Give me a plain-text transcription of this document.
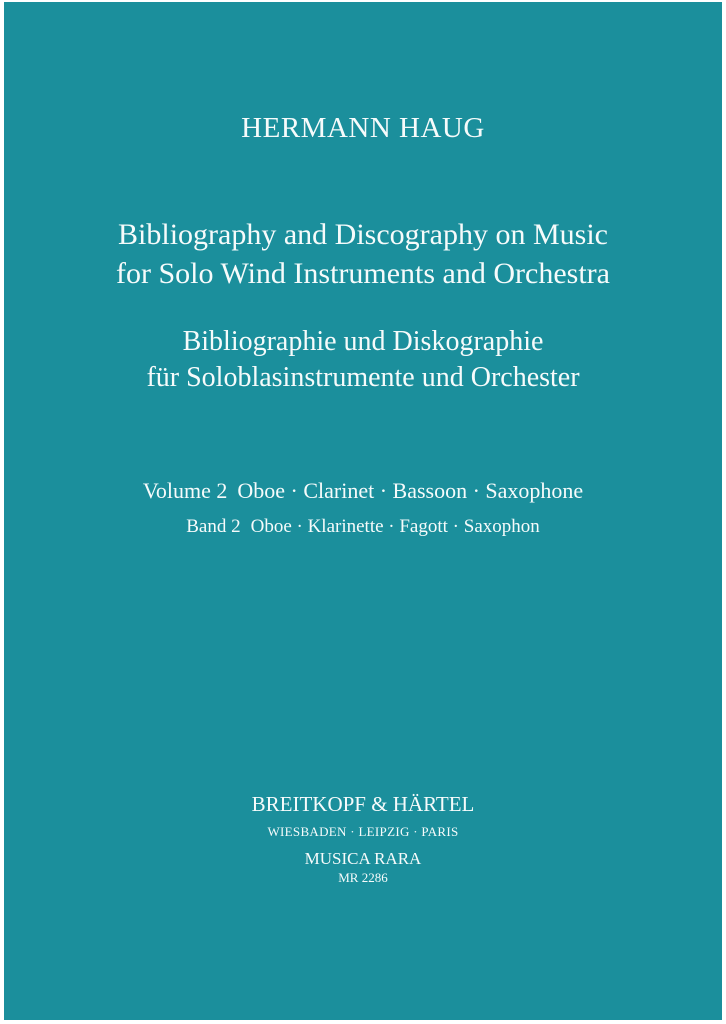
HERMANN HAUG
Bibliography and Discography on Music
for Solo Wind Instruments and Orchestra
Bibliographie und Diskographie
für Soloblasinstrumente und Orchester
Volume 2 Oboe · Clarinet · Bassoon · Saxophone
Band 2 Oboe · Klarinette · Fagott · Saxophon
BREITKOPF & HÄRTEL
WIESBADEN · LEIPZIG · PARIS
MUSICA RARA
MR 2286
